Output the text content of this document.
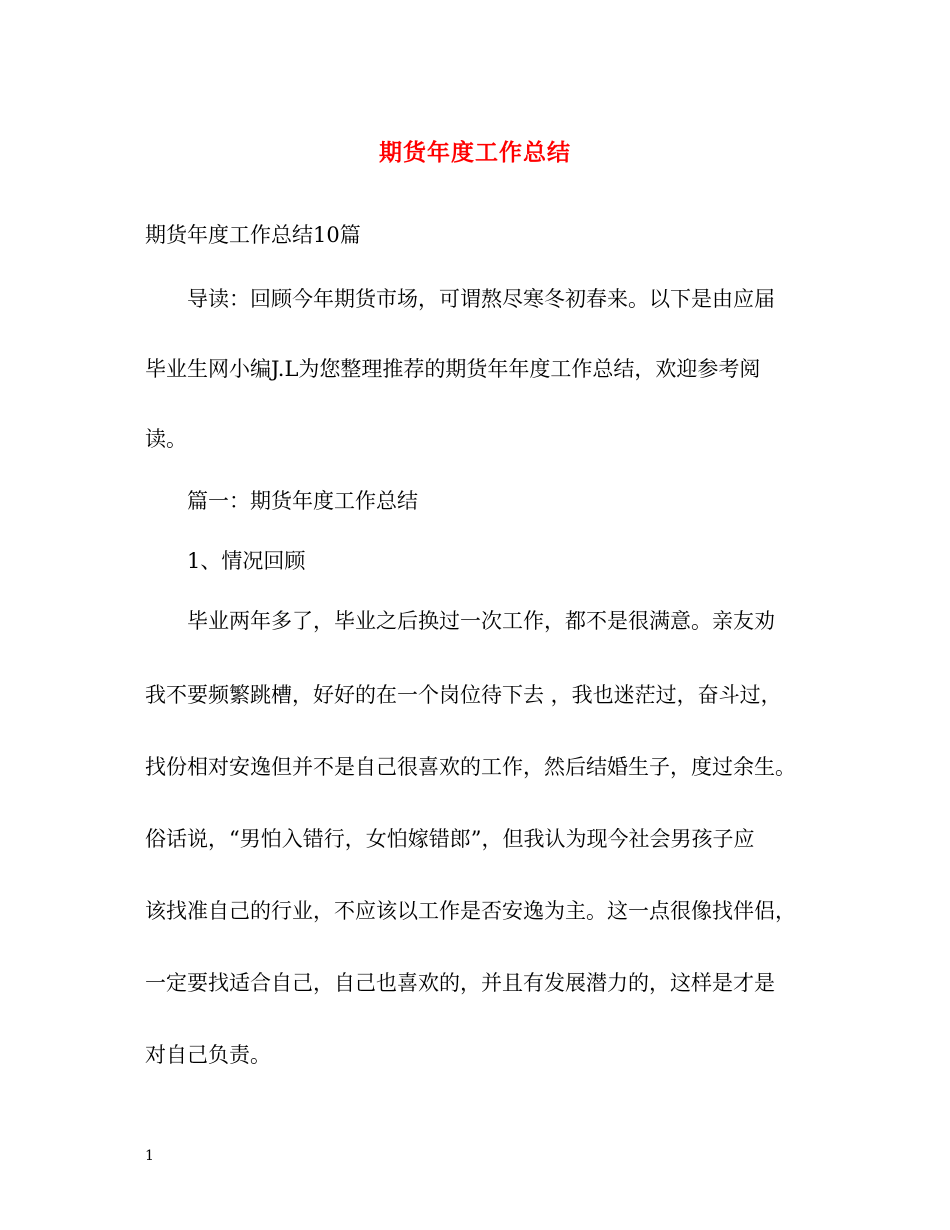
期货年度工作总结
期货年度工作总结10篇
导读：回顾今年期货市场，可谓熬尽寒冬初春来。以下是由应届
毕业生网小编J.L为您整理推荐的期货年年度工作总结，欢迎参考阅
读。
篇一：期货年度工作总结
1、情况回顾
毕业两年多了，毕业之后换过一次工作，都不是很满意。亲友劝
我不要频繁跳槽，好好的在一个岗位待下去 ，我也迷茫过，奋斗过，
找份相对安逸但并不是自己很喜欢的工作，然后结婚生子，度过余生。
俗话说，“男怕入错行，女怕嫁错郎”，但我认为现今社会男孩子应
该找准自己的行业，不应该以工作是否安逸为主。这一点很像找伴侣，
一定要找适合自己，自己也喜欢的，并且有发展潜力的，这样是才是
对自己负责。
1
